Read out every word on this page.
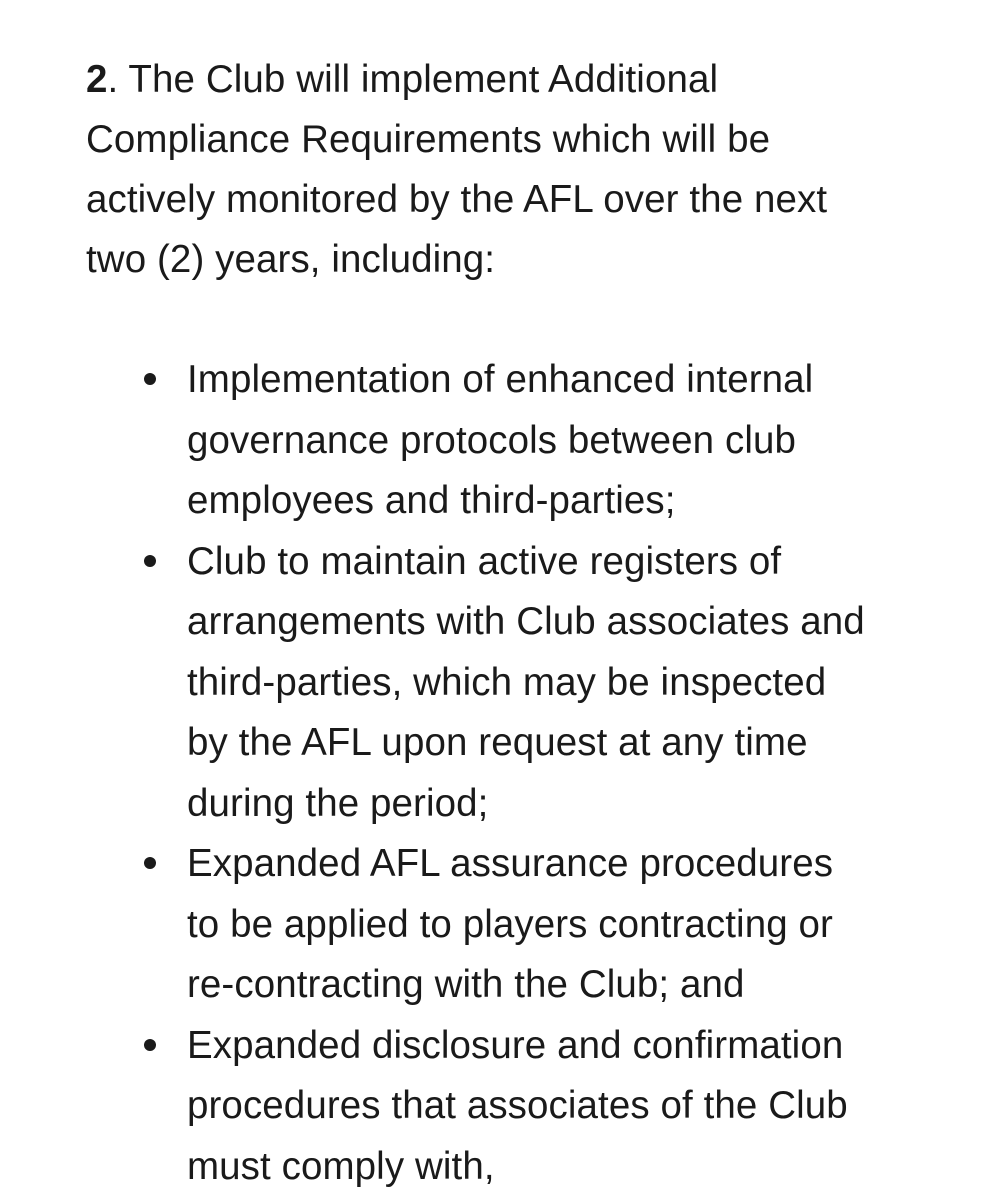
2. The Club will implement Additional
Compliance Requirements which will be
actively monitored by the AFL over the next
two (2) years, including:

Implementation of enhanced internal
governance protocols between club
employees and third-parties;
Club to maintain active registers of
arrangements with Club associates and
third-parties, which may be inspected
by the AFL upon request at any time
during the period;
Expanded AFL assurance procedures
to be applied to players contracting or
re-contracting with the Club; and
Expanded disclosure and confirmation
procedures that associates of the Club
must comply with,
